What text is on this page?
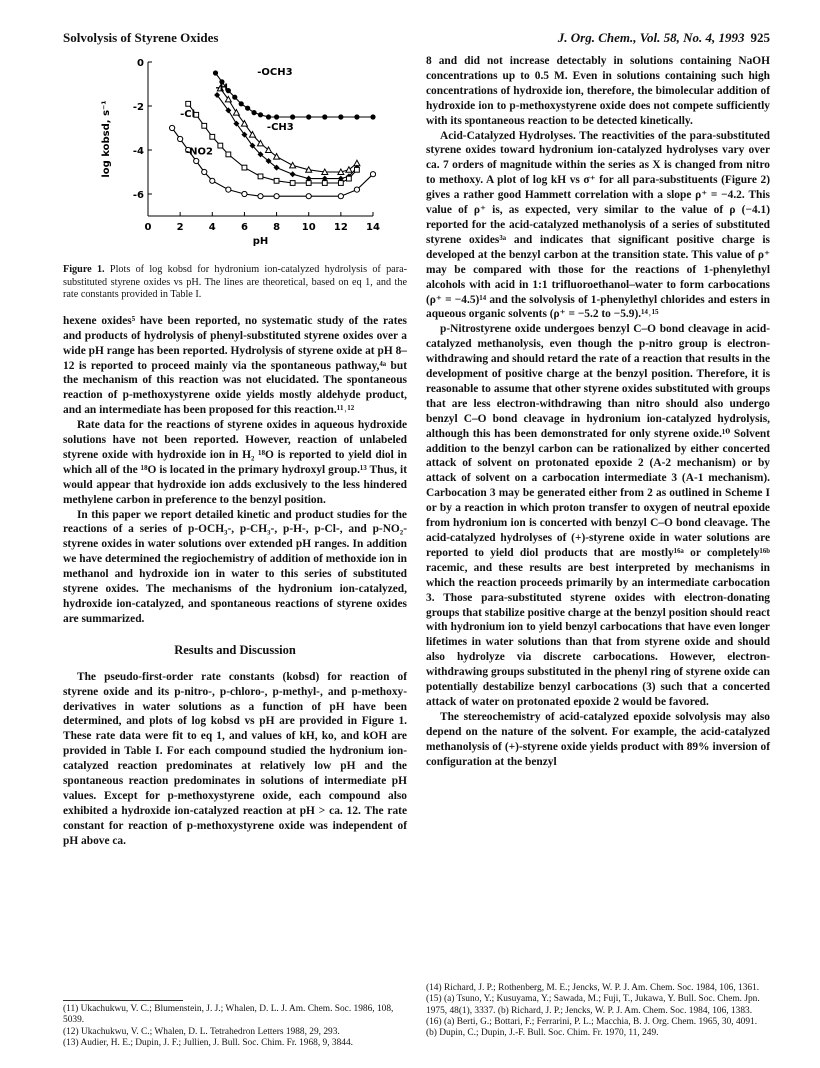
Solvolysis of Styrene Oxides	J. Org. Chem., Vol. 58, No. 4, 1993 925
0	2	4	6	8 10 12 14
0
-2
-4
-6
pH
log kobsd, s⁻¹
-OCH3
-H
-Cl
-CH3
-NO2
Figure 1. Plots of log kobsd for hydronium ion-catalyzed hydrolysis of para-substituted styrene oxides vs pH. The lines are theoretical, based on eq 1, and the rate constants provided in Table I.

hexene oxides⁵ have been reported, no systematic study of the rates and products of hydrolysis of phenyl-substituted styrene oxides over a wide pH range has been reported. Hydrolysis of styrene oxide at pH 8–12 is reported to proceed mainly via the spontaneous pathway,⁴ᵃ but the mechanism of this reaction was not elucidated. The spontaneous reaction of p-methoxystyrene oxide yields mostly aldehyde product, and an intermediate has been proposed for this reaction.¹¹˒¹²

Rate data for the reactions of styrene oxides in aqueous hydroxide solutions have not been reported. However, reaction of unlabeled styrene oxide with hydroxide ion in H₂ ¹⁸O is reported to yield diol in which all of the ¹⁸O is located in the primary hydroxyl group.¹³ Thus, it would appear that hydroxide ion adds exclusively to the less hindered methylene carbon in preference to the benzyl position.

In this paper we report detailed kinetic and product studies for the reactions of a series of p-OCH₃-, p-CH₃-, p-H-, p-Cl-, and p-NO₂-styrene oxides in water solutions over extended pH ranges. In addition we have determined the regiochemistry of addition of methoxide ion in methanol and hydroxide ion in water to this series of substituted styrene oxides. The mechanisms of the hydronium ion-catalyzed, hydroxide ion-catalyzed, and spontaneous reactions of styrene oxides are summarized.

Results and Discussion

The pseudo-first-order rate constants (kobsd) for reaction of styrene oxide and its p-nitro-, p-chloro-, p-methyl-, and p-methoxy-derivatives in water solutions as a function of pH have been determined, and plots of log kobsd vs pH are provided in Figure 1. These rate data were fit to eq 1, and values of kH, ko, and kOH are provided in Table I. For each compound studied the hydronium ion-catalyzed reaction predominates at relatively low pH and the spontaneous reaction predominates in solutions of intermediate pH values. Except for p-methoxystyrene oxide, each compound also exhibited a hydroxide ion-catalyzed reaction at pH > ca. 12. The rate constant for reaction of p-methoxystyrene oxide was independent of pH above ca.

8 and did not increase detectably in solutions containing NaOH concentrations up to 0.5 M. Even in solutions containing such high concentrations of hydroxide ion, therefore, the bimolecular addition of hydroxide ion to p-methoxystyrene oxide does not compete sufficiently with its spontaneous reaction to be detected kinetically.

Acid-Catalyzed Hydrolyses. The reactivities of the para-substituted styrene oxides toward hydronium ion-catalyzed hydrolyses vary over ca. 7 orders of magnitude within the series as X is changed from nitro to methoxy. A plot of log kH vs σ⁺ for all para-substituents (Figure 2) gives a rather good Hammett correlation with a slope ρ⁺ = −4.2. This value of ρ⁺ is, as expected, very similar to the value of ρ (−4.1) reported for the acid-catalyzed methanolysis of a series of substituted styrene oxides³ᵃ and indicates that significant positive charge is developed at the benzyl carbon at the transition state. This value of ρ⁺ may be compared with those for the reactions of 1-phenylethyl alcohols with acid in 1:1 trifluoroethanol–water to form carbocations (ρ⁺ = −4.5)¹⁴ and the solvolysis of 1-phenylethyl chlorides and esters in aqueous organic solvents (ρ⁺ = −5.2 to −5.9).¹⁴˒¹⁵

p-Nitrostyrene oxide undergoes benzyl C–O bond cleavage in acid-catalyzed methanolysis, even though the p-nitro group is electron-withdrawing and should retard the rate of a reaction that results in the development of positive charge at the benzyl position. Therefore, it is reasonable to assume that other styrene oxides substituted with groups that are less electron-withdrawing than nitro should also undergo benzyl C–O bond cleavage in hydronium ion-catalyzed hydrolysis, although this has been demonstrated for only styrene oxide.¹⁰ Solvent addition to the benzyl carbon can be rationalized by either concerted attack of solvent on protonated epoxide 2 (A-2 mechanism) or by attack of solvent on a carbocation intermediate 3 (A-1 mechanism). Carbocation 3 may be generated either from 2 as outlined in Scheme I or by a reaction in which proton transfer to oxygen of neutral epoxide from hydronium ion is concerted with benzyl C–O bond cleavage. The acid-catalyzed hydrolyses of (+)-styrene oxide in water solutions are reported to yield diol products that are mostly¹⁶ᵃ or completely¹⁶ᵇ racemic, and these results are best interpreted by mechanisms in which the reaction proceeds primarily by an intermediate carbocation 3. Those para-substituted styrene oxides with electron-donating groups that stabilize positive charge at the benzyl position should react with hydronium ion to yield benzyl carbocations that have even longer lifetimes in water solutions than that from styrene oxide and should also hydrolyze via discrete carbocations. However, electron-withdrawing groups substituted in the phenyl ring of styrene oxide can potentially destabilize benzyl carbocations (3) such that a concerted attack of water on protonated epoxide 2 would be favored.

The stereochemistry of acid-catalyzed epoxide solvolysis may also depend on the nature of the solvent. For example, the acid-catalyzed methanolysis of (+)-styrene oxide yields product with 89% inversion of configuration at the benzyl

(11) Ukachukwu, V. C.; Blumenstein, J. J.; Whalen, D. L. J. Am. Chem. Soc. 1986, 108, 5039.
(12) Ukachukwu, V. C.; Whalen, D. L. Tetrahedron Letters 1988, 29, 293.
(13) Audier, H. E.; Dupin, J. F.; Jullien, J. Bull. Soc. Chim. Fr. 1968, 9, 3844.
(14) Richard, J. P.; Rothenberg, M. E.; Jencks, W. P. J. Am. Chem. Soc. 1984, 106, 1361.
(15) (a) Tsuno, Y.; Kusuyama, Y.; Sawada, M.; Fuji, T., Jukawa, Y. Bull. Soc. Chem. Jpn. 1975, 48(1), 3337. (b) Richard, J. P.; Jencks, W. P. J. Am. Chem. Soc. 1984, 106, 1383.
(16) (a) Berti, G.; Bottari, F.; Ferrarini, P. L.; Macchia, B. J. Org. Chem. 1965, 30, 4091. (b) Dupin, C.; Dupin, J.-F. Bull. Soc. Chim. Fr. 1970, 11, 249.
